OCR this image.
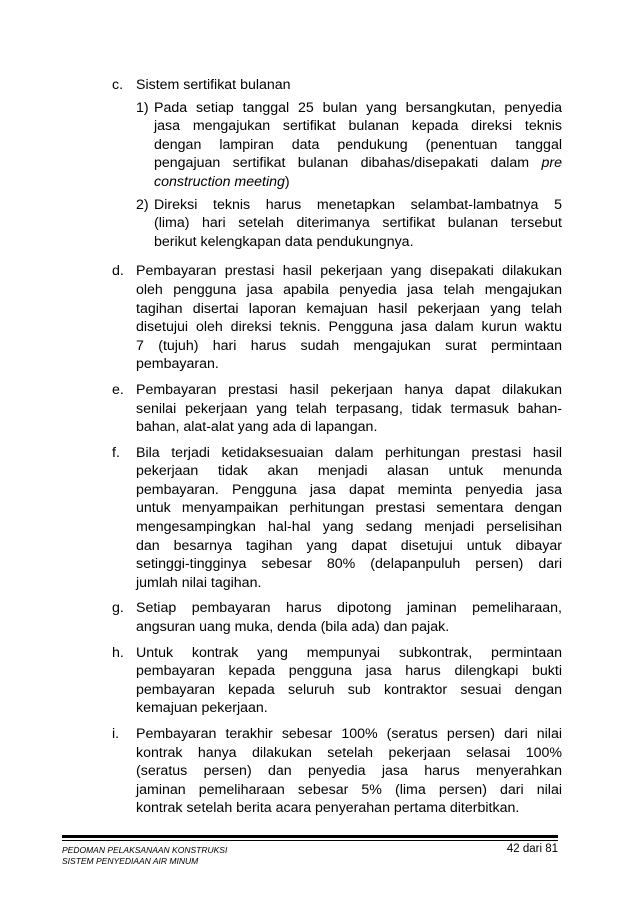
c. Sistem sertifikat bulanan
1) Pada setiap tanggal 25 bulan yang bersangkutan, penyedia
jasa mengajukan sertifikat bulanan kepada direksi teknis
dengan lampiran data pendukung (penentuan tanggal
pengajuan sertifikat bulanan dibahas/disepakati dalam pre
construction meeting)
2) Direksi teknis harus menetapkan selambat-lambatnya 5
(lima) hari setelah diterimanya sertifikat bulanan tersebut
berikut kelengkapan data pendukungnya.
d. Pembayaran prestasi hasil pekerjaan yang disepakati dilakukan
oleh pengguna jasa apabila penyedia jasa telah mengajukan
tagihan disertai laporan kemajuan hasil pekerjaan yang telah
disetujui oleh direksi teknis. Pengguna jasa dalam kurun waktu
7 (tujuh) hari harus sudah mengajukan surat permintaan
pembayaran.
e. Pembayaran prestasi hasil pekerjaan hanya dapat dilakukan
senilai pekerjaan yang telah terpasang, tidak termasuk bahan-
bahan, alat-alat yang ada di lapangan.
f.	Bila terjadi ketidaksesuaian dalam perhitungan prestasi hasil
pekerjaan tidak akan menjadi alasan untuk menunda
pembayaran. Pengguna jasa dapat meminta penyedia jasa
untuk menyampaikan perhitungan prestasi sementara dengan
mengesampingkan hal-hal yang sedang menjadi perselisihan
dan besarnya tagihan yang dapat disetujui untuk dibayar
setinggi-tingginya sebesar 80% (delapanpuluh persen) dari
jumlah nilai tagihan.
g. Setiap pembayaran harus dipotong jaminan pemeliharaan,
angsuran uang muka, denda (bila ada) dan pajak.
h. Untuk kontrak yang mempunyai subkontrak, permintaan
pembayaran kepada pengguna jasa harus dilengkapi bukti
pembayaran kepada seluruh sub kontraktor sesuai dengan
kemajuan pekerjaan.
i.	Pembayaran terakhir sebesar 100% (seratus persen) dari nilai
kontrak hanya dilakukan setelah pekerjaan selasai 100%
(seratus persen) dan penyedia jasa harus menyerahkan
jaminan pemeliharaan sebesar 5% (lima persen) dari nilai
kontrak setelah berita acara penyerahan pertama diterbitkan.
PEDOMAN PELAKSANAAN KONSTRUKSI
SISTEM PENYEDIAAN AIR MINUM
42 dari 81
